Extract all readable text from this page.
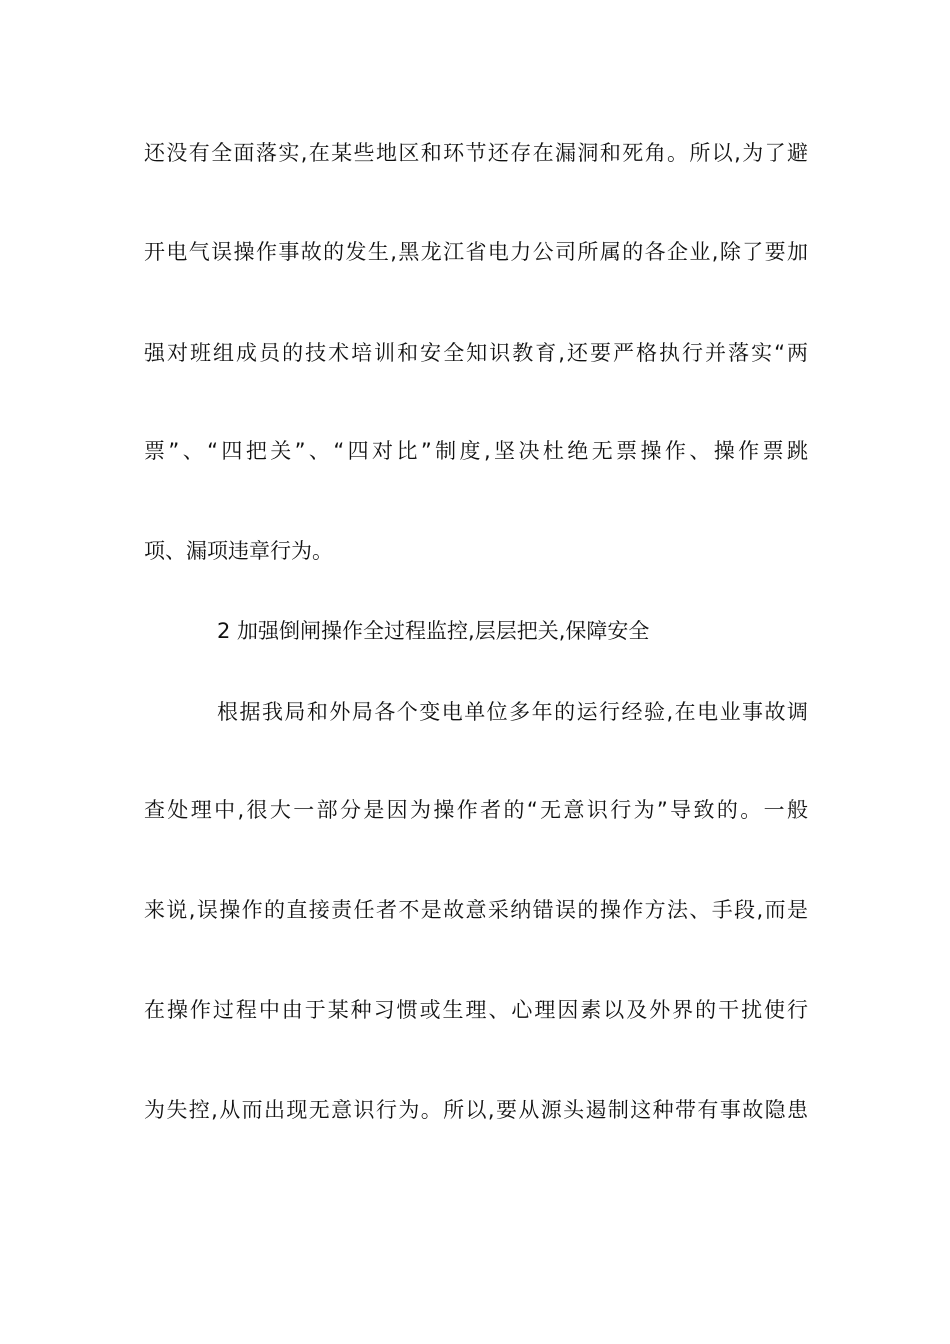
还没有全面落实,在某些地区和环节还存在漏洞和死角。所以,为了避
开电气误操作事故的发生,黑龙江省电力公司所属的各企业,除了要加
强对班组成员的技术培训和安全知识教育,还要严格执行并落实“两
票”、“四把关”、“四对比”制度,坚决杜绝无票操作、操作票跳
项、漏项违章行为。
2 加强倒闸操作全过程监控,层层把关,保障安全
根据我局和外局各个变电单位多年的运行经验,在电业事故调
查处理中,很大一部分是因为操作者的“无意识行为”导致的。一般
来说,误操作的直接责任者不是故意采纳错误的操作方法、手段,而是
在操作过程中由于某种习惯或生理、心理因素以及外界的干扰使行
为失控,从而出现无意识行为。所以,要从源头遏制这种带有事故隐患
